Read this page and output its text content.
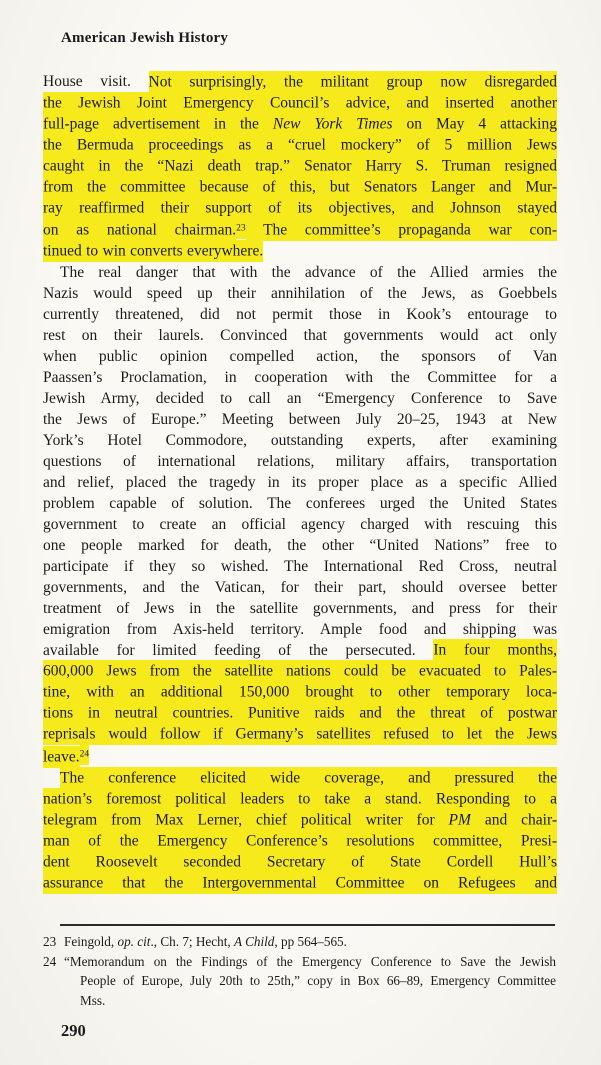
American Jewish History
House visit. Not surprisingly, the militant group now disregarded
the Jewish Joint Emergency Council’s advice, and inserted another
full-page advertisement in the New York Times on May 4 attacking
the Bermuda proceedings as a “cruel mockery” of 5 million Jews
caught in the “Nazi death trap.” Senator Harry S. Truman resigned
from the committee because of this, but Senators Langer and Mur-
ray reaffirmed their support of its objectives, and Johnson stayed
on as national chairman.$^{23}$ The committee’s propaganda war con-
tinued to win converts everywhere.
The real danger that with the advance of the Allied armies the
Nazis would speed up their annihilation of the Jews, as Goebbels
currently threatened, did not permit those in Kook’s entourage to
rest on their laurels. Convinced that governments would act only
when public opinion compelled action, the sponsors of Van
Paassen’s Proclamation, in cooperation with the Committee for a
Jewish Army, decided to call an “Emergency Conference to Save
the Jews of Europe.” Meeting between July 20–25, 1943 at New
York’s Hotel Commodore, outstanding experts, after examining
questions of international relations, military affairs, transportation
and relief, placed the tragedy in its proper place as a specific Allied
problem capable of solution. The conferees urged the United States
government to create an official agency charged with rescuing this
one people marked for death, the other “United Nations” free to
participate if they so wished. The International Red Cross, neutral
governments, and the Vatican, for their part, should oversee better
treatment of Jews in the satellite governments, and press for their
emigration from Axis-held territory. Ample food and shipping was
available for limited feeding of the persecuted. In four months,
600,000 Jews from the satellite nations could be evacuated to Pales-
tine, with an additional 150,000 brought to other temporary loca-
tions in neutral countries. Punitive raids and the threat of postwar
reprisals would follow if Germany’s satellites refused to let the Jews
leave.$^{24}$
The conference elicited wide coverage, and pressured the
nation’s foremost political leaders to take a stand. Responding to a
telegram from Max Lerner, chief political writer for PM and chair-
man of the Emergency Conference’s resolutions committee, Presi-
dent Roosevelt seconded Secretary of State Cordell Hull’s
assurance that the Intergovernmental Committee on Refugees and
23 Feingold, op. cit., Ch. 7; Hecht, A Child, pp 564–565.
24 “Memorandum on the Findings of the Emergency Conference to Save the Jewish
People of Europe, July 20th to 25th,” copy in Box 66–89, Emergency Committee
Mss.
290
